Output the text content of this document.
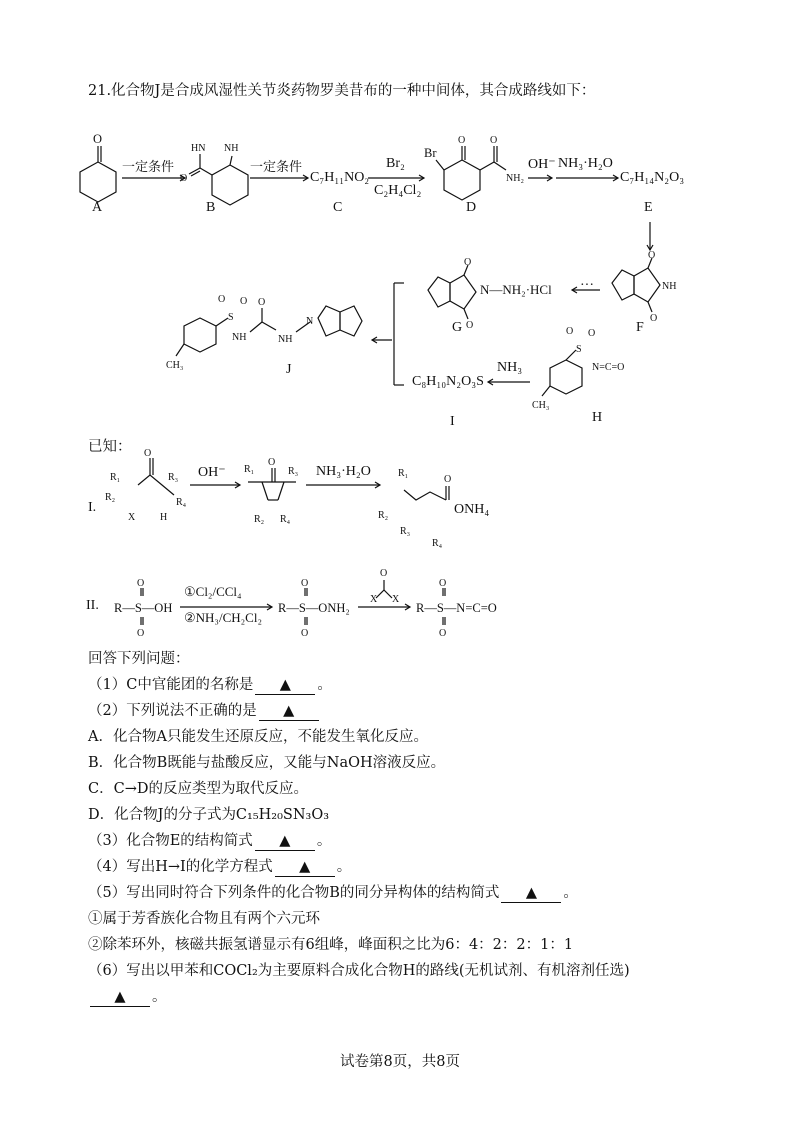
21.化合物J是合成风湿性关节炎药物罗美昔布的一种中间体，其合成路线如下：
O
HN NH
O
Br
O O
NH₂
O
O
NH
O
O
CH₃
S
O O
NH
O
NH
N
CH₃
S
O O
N=C=O
O
R₁
R₂
X H
R₃
R₄
O
R₁	R₃
R₂ R₄
O
R₁
R₂
R₃
R₄
R—S—OH
O
O
R—S—ONH₂
O
O
O
X X
R—S—N=C=O
O
O
一定条件	一定条件
C₇H₁₁NO₂
Br₂
C₂H₄Cl₂
OH⁻ NH₃·H₂O
C₇H₁₄N₂O₃
N—NH₂·HCl ···
C₈H₁₀N₂O₃S
NH₃
A	B	C	D	E
F
G
H
I
J
已知：
I.
OH⁻	NH₃·H₂O
ONH₄
II.
①Cl₂/CCl₄
②NH₃/CH₂Cl₂
回答下列问题：
（1）C中官能团的名称是 ▲ 。
（2）下列说法不正确的是 ▲
A．化合物A只能发生还原反应，不能发生氧化反应。
B．化合物B既能与盐酸反应，又能与NaOH溶液反应。
C．C→D的反应类型为取代反应。
D．化合物J的分子式为C₁₅H₂₀SN₃O₃
（3）化合物E的结构简式 ▲ 。
（4）写出H→I的化学方程式 ▲ 。
（5）写出同时符合下列条件的化合物B的同分异构体的结构简式 ▲ 。
①属于芳香族化合物且有两个六元环
②除苯环外，核磁共振氢谱显示有6组峰，峰面积之比为6：4：2：2：1：1
（6）写出以甲苯和COCl₂为主要原料合成化合物H的路线(无机试剂、有机溶剂任选)
▲ 。
试卷第8页，共8页
